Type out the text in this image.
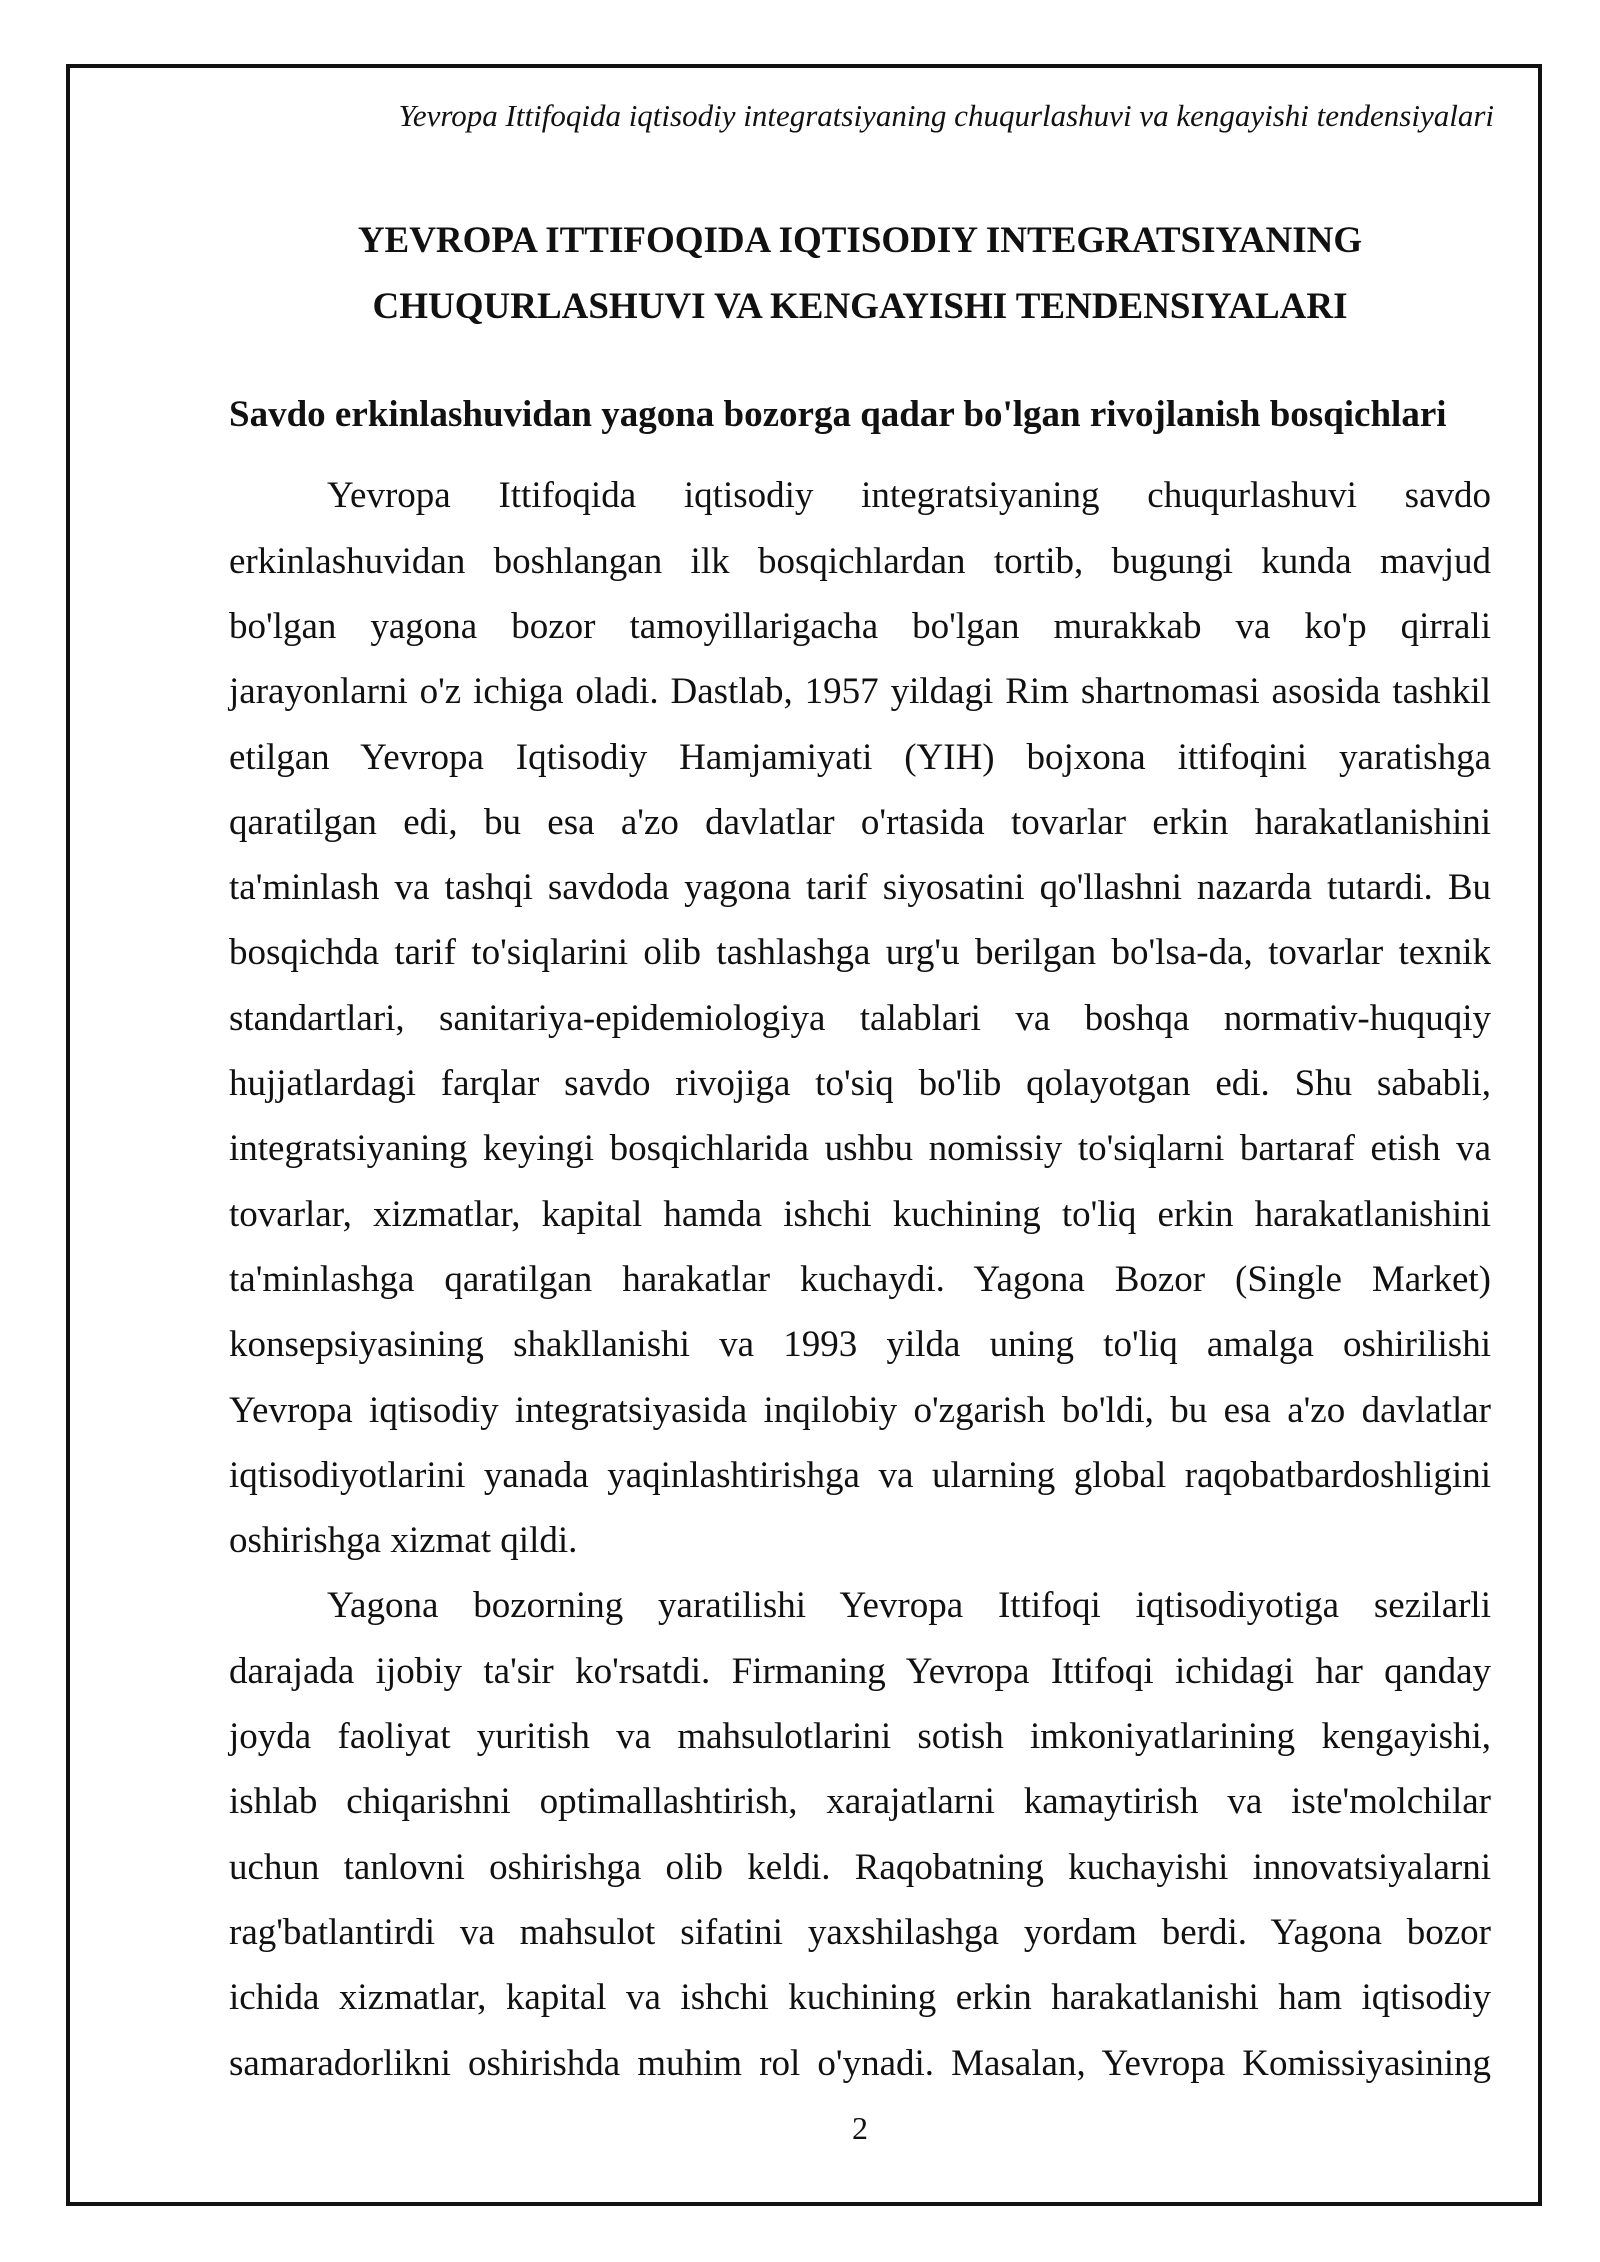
Yevropa Ittifoqida iqtisodiy integratsiyaning chuqurlashuvi va kengayishi tendensiyalari
YEVROPA ITTIFOQIDA IQTISODIY INTEGRATSIYANING
CHUQURLASHUVI VA KENGAYISHI TENDENSIYALARI
Savdo erkinlashuvidan yagona bozorga qadar bo'lgan rivojlanish bosqichlari
Yevropa Ittifoqida iqtisodiy integratsiyaning chuqurlashuvi savdo
erkinlashuvidan boshlangan ilk bosqichlardan tortib, bugungi kunda mavjud
bo'lgan yagona bozor tamoyillarigacha bo'lgan murakkab va ko'p qirrali
jarayonlarni o'z ichiga oladi. Dastlab, 1957 yildagi Rim shartnomasi asosida tashkil
etilgan Yevropa Iqtisodiy Hamjamiyati (YIH) bojxona ittifoqini yaratishga
qaratilgan edi, bu esa a'zo davlatlar o'rtasida tovarlar erkin harakatlanishini
ta'minlash va tashqi savdoda yagona tarif siyosatini qo'llashni nazarda tutardi. Bu
bosqichda tarif to'siqlarini olib tashlashga urg'u berilgan bo'lsa-da, tovarlar texnik
standartlari, sanitariya-epidemiologiya talablari va boshqa normativ-huquqiy
hujjatlardagi farqlar savdo rivojiga to'siq bo'lib qolayotgan edi. Shu sababli,
integratsiyaning keyingi bosqichlarida ushbu nomissiy to'siqlarni bartaraf etish va
tovarlar, xizmatlar, kapital hamda ishchi kuchining to'liq erkin harakatlanishini
ta'minlashga qaratilgan harakatlar kuchaydi. Yagona Bozor (Single Market)
konsepsiyasining shakllanishi va 1993 yilda uning to'liq amalga oshirilishi
Yevropa iqtisodiy integratsiyasida inqilobiy o'zgarish bo'ldi, bu esa a'zo davlatlar
iqtisodiyotlarini yanada yaqinlashtirishga va ularning global raqobatbardoshligini
oshirishga xizmat qildi.
Yagona bozorning yaratilishi Yevropa Ittifoqi iqtisodiyotiga sezilarli
darajada ijobiy ta'sir ko'rsatdi. Firmaning Yevropa Ittifoqi ichidagi har qanday
joyda faoliyat yuritish va mahsulotlarini sotish imkoniyatlarining kengayishi,
ishlab chiqarishni optimallashtirish, xarajatlarni kamaytirish va iste'molchilar
uchun tanlovni oshirishga olib keldi. Raqobatning kuchayishi innovatsiyalarni
rag'batlantirdi va mahsulot sifatini yaxshilashga yordam berdi. Yagona bozor
ichida xizmatlar, kapital va ishchi kuchining erkin harakatlanishi ham iqtisodiy
samaradorlikni oshirishda muhim rol o'ynadi. Masalan, Yevropa Komissiyasining
2
